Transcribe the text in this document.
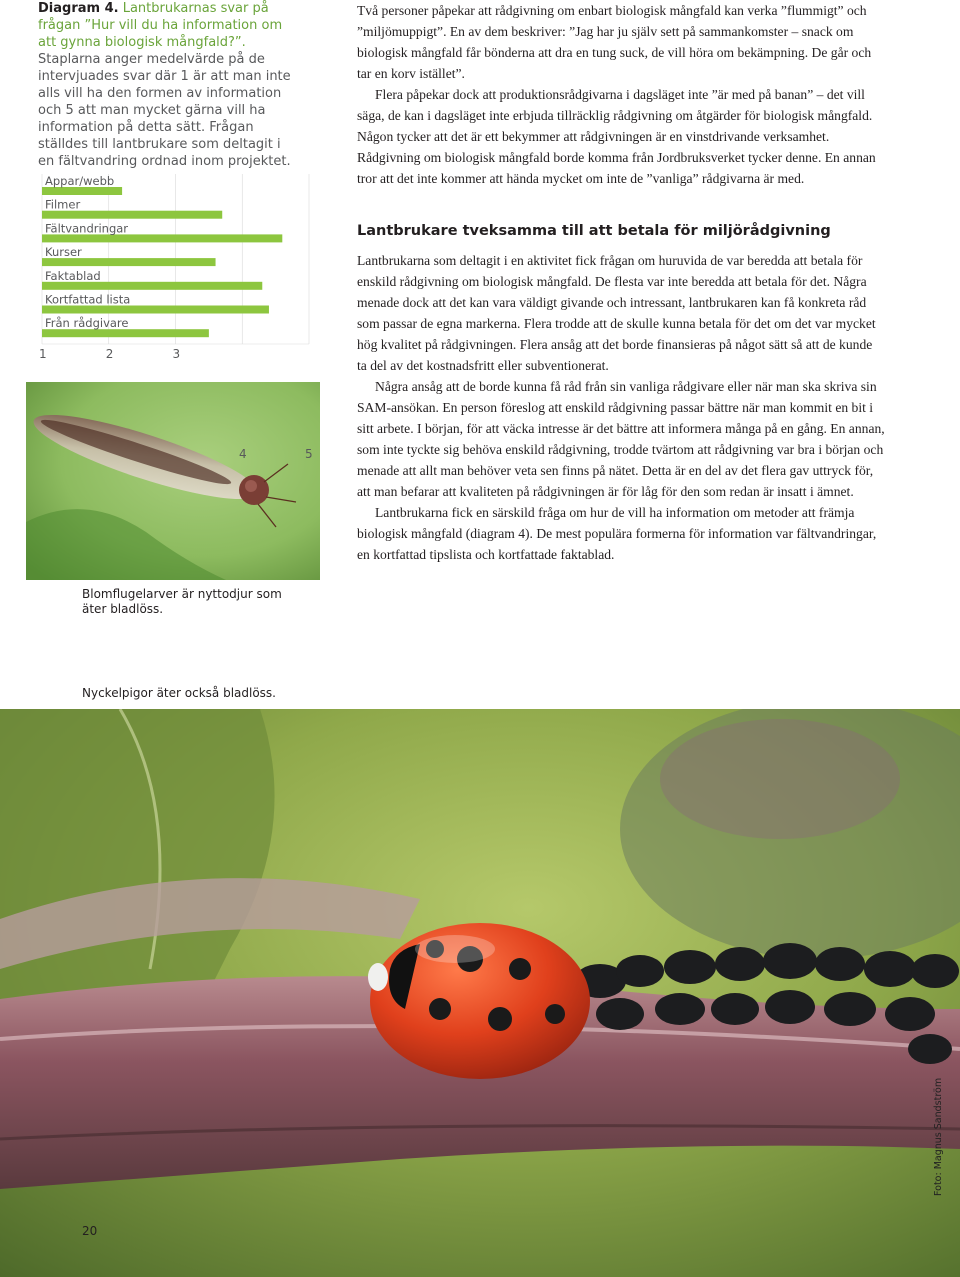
Diagram 4. Lantbrukarnas svar på frågan ”Hur vill du ha information om att gynna biologisk mångfald?”. Staplarna anger medelvärde på de intervjuades svar där 1 är att man inte alls vill ha den formen av information och 5 att man mycket gärna vill ha information på detta sätt. Frågan ställdes till lantbrukare som deltagit i en fältvandring ordnad inom projektet.
Appar/webb
Filmer
Fältvandringar
Kurser
Faktablad
Kortfattad lista
Från rådgivare
1	2	3
4	5
Blomflugelarver är nyttodjur som äter bladlöss.

Två personer påpekar att rådgivning om enbart biologisk mångfald kan verka ”flummigt” och ”miljömuppigt”. En av dem beskriver: ”Jag har ju själv sett på sammankomster – snack om biologisk mångfald får bönderna att dra en tung suck, de vill höra om bekämpning. De går och tar en korv istället”.

Flera påpekar dock att produktionsrådgivarna i dagsläget inte ”är med på banan” – det vill säga, de kan i dagsläget inte erbjuda tillräcklig rådgivning om åtgärder för biologisk mångfald. Någon tycker att det är ett bekymmer att rådgivningen är en vinstdrivande verksamhet. Rådgivning om biologisk mångfald borde komma från Jordbruksverket tycker denne. En annan tror att det inte kommer att hända mycket om inte de ”vanliga” rådgivarna är med.

Lantbrukare tveksamma till att betala för miljörådgivning

Lantbrukarna som deltagit i en aktivitet fick frågan om huruvida de var beredda att betala för enskild rådgivning om biologisk mångfald. De flesta var inte beredda att betala för det. Några menade dock att det kan vara väldigt givande och intressant, lantbrukaren kan få konkreta råd som passar de egna markerna. Flera trodde att de skulle kunna betala för det om det var mycket hög kvalitet på rådgivningen. Flera ansåg att det borde finansieras på något sätt så att de kunde ta del av det kostnadsfritt eller subventionerat.

Några ansåg att de borde kunna få råd från sin vanliga rådgivare eller när man ska skriva sin SAM-ansökan. En person föreslog att enskild rådgivning passar bättre när man kommit en bit i sitt arbete. I början, för att väcka intresse är det bättre att informera många på en gång. En annan, som inte tyckte sig behöva enskild rådgivning, trodde tvärtom att rådgivning var bra i början och menade att allt man behöver veta sen finns på nätet. Detta är en del av det flera gav uttryck för, att man befarar att kvaliteten på rådgivningen är för låg för den som redan är insatt i ämnet.

Lantbrukarna fick en särskild fråga om hur de vill ha information om metoder att främja biologisk mångfald (diagram 4). De mest populära formerna för information var fältvandringar, en kortfattad tipslista och kortfattade faktablad.

Nyckelpigor äter också bladlöss.
Foto: Magnus Sandström
20
